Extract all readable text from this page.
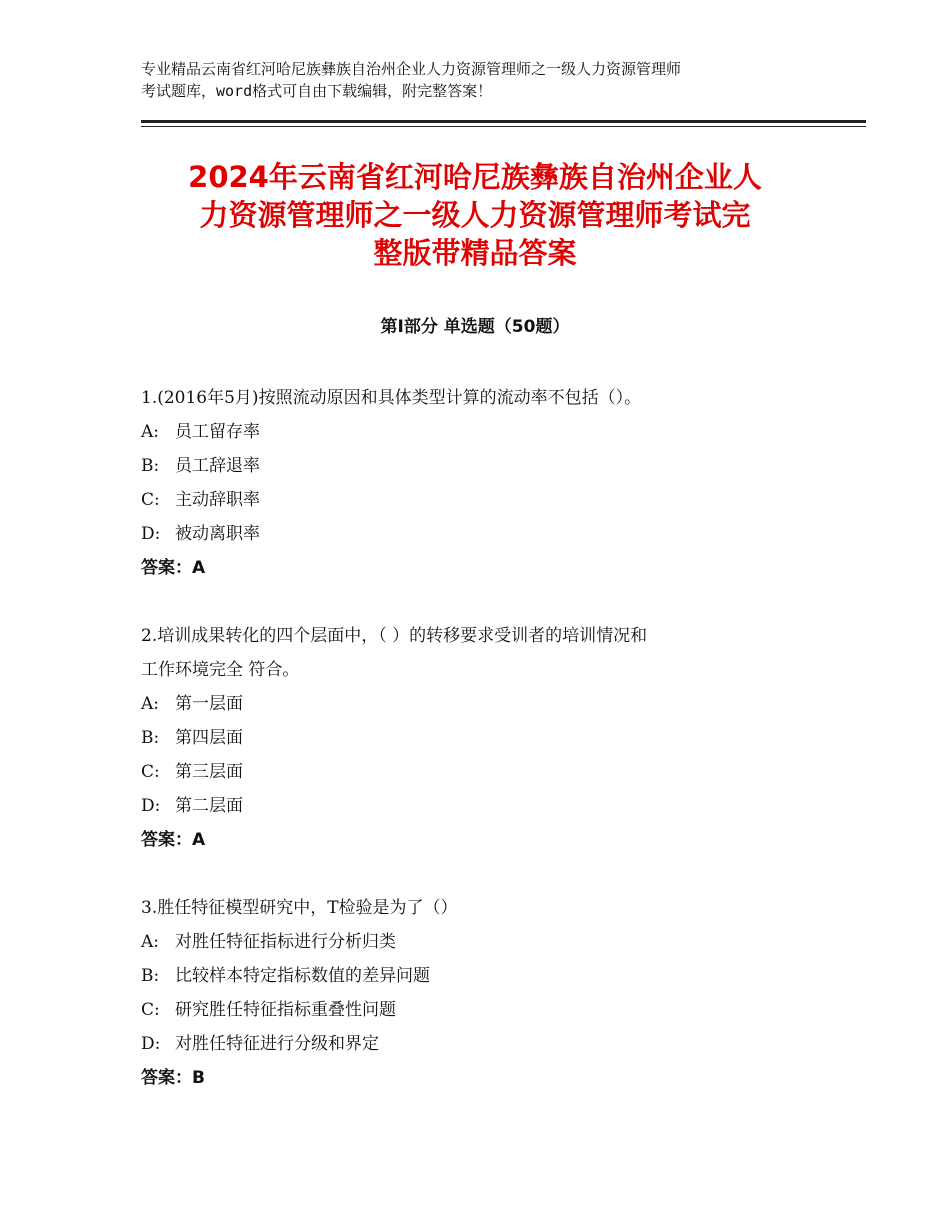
专业精品云南省红河哈尼族彝族自治州企业人力资源管理师之一级人力资源管理师
考试题库，word格式可自由下载编辑，附完整答案！
2024年云南省红河哈尼族彝族自治州企业人
力资源管理师之一级人力资源管理师考试完
整版带精品答案
第Ⅰ部分 单选题（50题）
1.(2016年5月)按照流动原因和具体类型计算的流动率不包括（）。
A: 员工留存率
B: 员工辞退率
C: 主动辞职率
D: 被动离职率
答案：A
2.培训成果转化的四个层面中，（ ）的转移要求受训者的培训情况和
工作环境完全 符合。
A: 第一层面
B: 第四层面
C: 第三层面
D: 第二层面
答案：A
3.胜任特征模型研究中，T检验是为了（）
A: 对胜任特征指标进行分析归类
B: 比较样本特定指标数值的差异问题
C: 研究胜任特征指标重叠性问题
D: 对胜任特征进行分级和界定
答案：B
